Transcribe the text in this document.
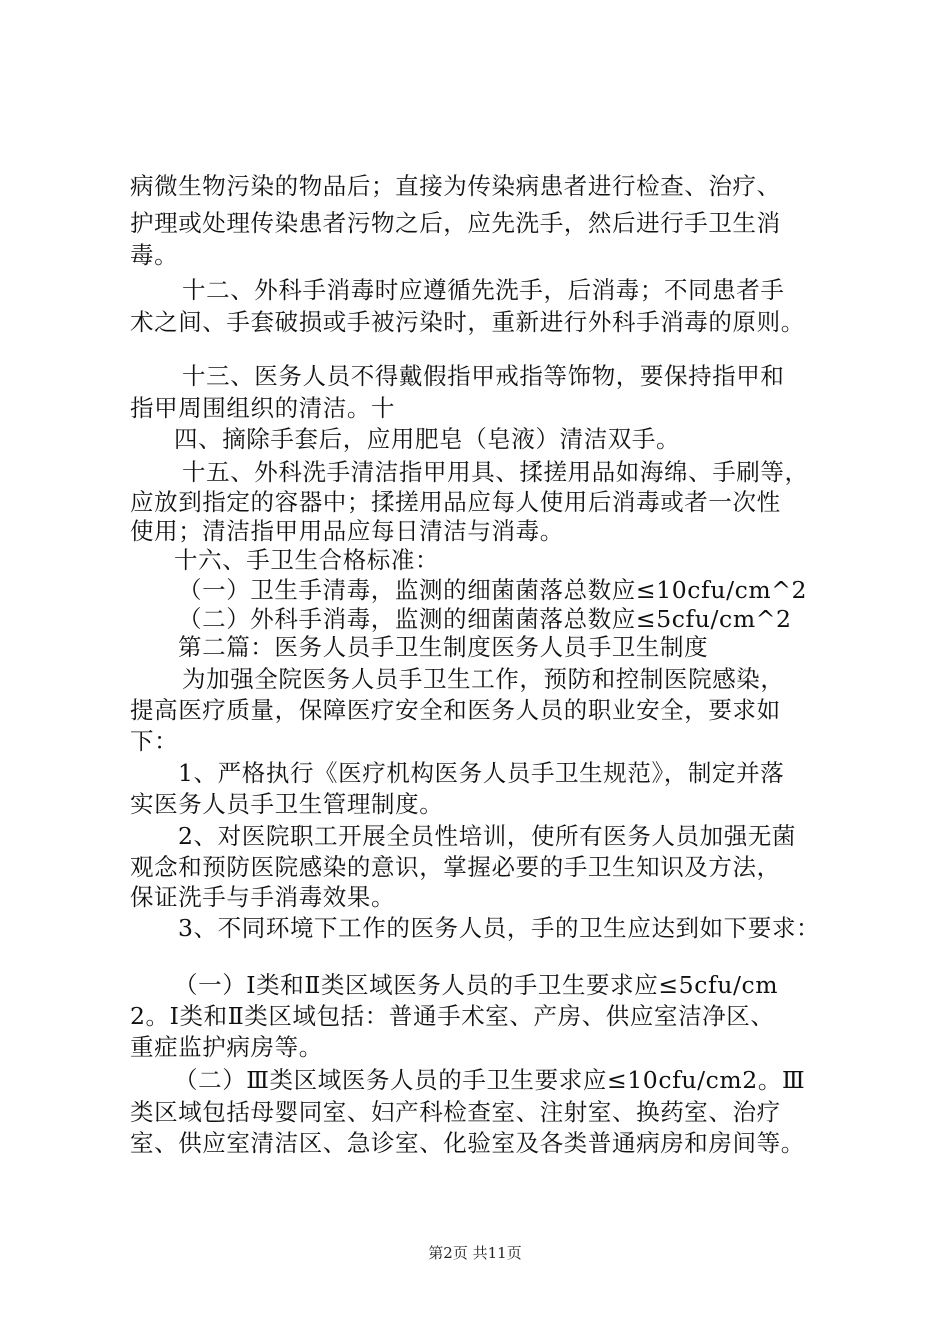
病微生物污染的物品后；直接为传染病患者进行检查、治疗、
护理或处理传染患者污物之后，应先洗手，然后进行手卫生消
毒。
十二、外科手消毒时应遵循先洗手，后消毒；不同患者手
术之间、手套破损或手被污染时，重新进行外科手消毒的原则。
十三、医务人员不得戴假指甲戒指等饰物，要保持指甲和
指甲周围组织的清洁。十
四、摘除手套后，应用肥皂（皂液）清洁双手。
十五、外科洗手清洁指甲用具、揉搓用品如海绵、手刷等，
应放到指定的容器中；揉搓用品应每人使用后消毒或者一次性
使用；清洁指甲用品应每日清洁与消毒。
十六、手卫生合格标准：
（一）卫生手清毒，监测的细菌菌落总数应≤10cfu/cm^2
（二）外科手消毒，监测的细菌菌落总数应≤5cfu/cm^2
第二篇：医务人员手卫生制度医务人员手卫生制度
为加强全院医务人员手卫生工作，预防和控制医院感染，
提高医疗质量，保障医疗安全和医务人员的职业安全，要求如
下：
1、严格执行《医疗机构医务人员手卫生规范》，制定并落
实医务人员手卫生管理制度。
2、对医院职工开展全员性培训，使所有医务人员加强无菌
观念和预防医院感染的意识，掌握必要的手卫生知识及方法，
保证洗手与手消毒效果。
3、不同环境下工作的医务人员，手的卫生应达到如下要求：
（一）Ⅰ类和Ⅱ类区域医务人员的手卫生要求应≤5cfu/cm
2。Ⅰ类和Ⅱ类区域包括：普通手术室、产房、供应室洁净区、
重症监护病房等。
（二）Ⅲ类区域医务人员的手卫生要求应≤10cfu/cm2。Ⅲ
类区域包括母婴同室、妇产科检查室、注射室、换药室、治疗
室、供应室清洁区、急诊室、化验室及各类普通病房和房间等。
第2页 共11页
